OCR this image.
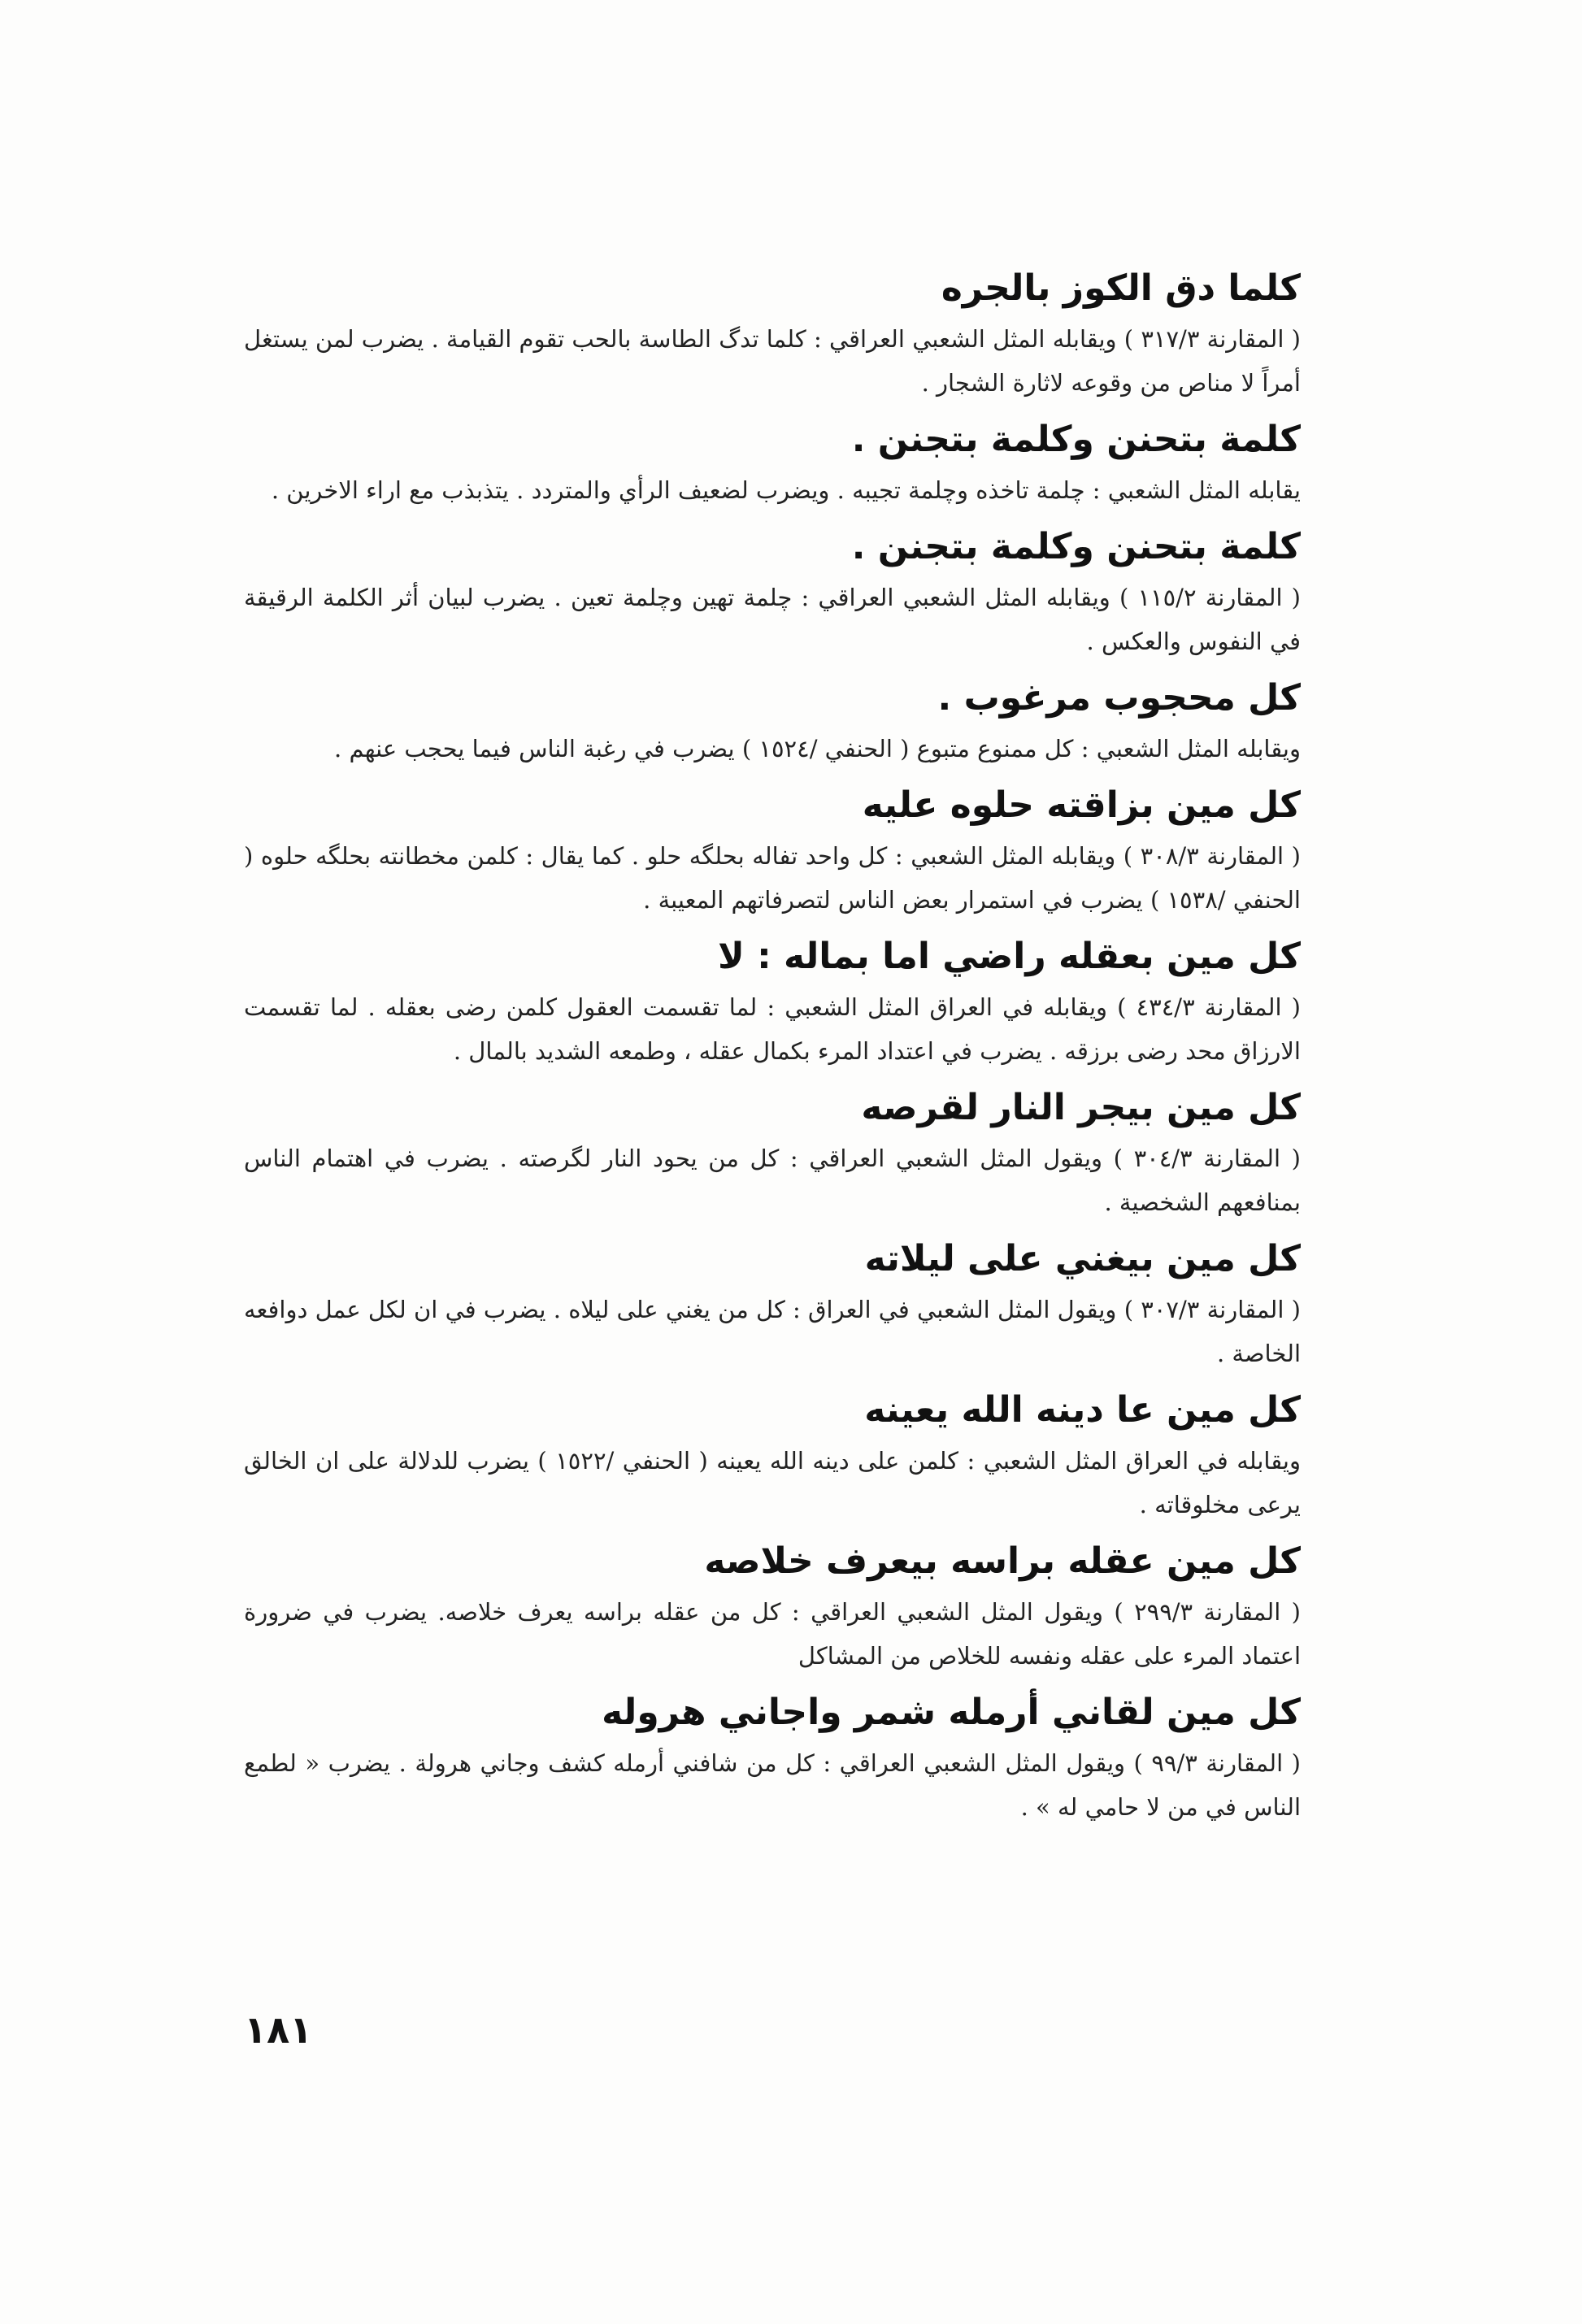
كلما دق الكوز بالجره

( المقارنة ٣١٧/٣ ) ويقابله المثل الشعبي العراقي : كلما تدگ الطاسة بالحب تقوم القيامة . يضرب لمن يستغل أمراً لا مناص من وقوعه لاثارة الشجار .

كلمة بتحنن وكلمة بتجنن .

يقابله المثل الشعبي : چلمة تاخذه وچلمة تجيبه . ويضرب لضعيف الرأي والمتردد . يتذبذب مع اراء الاخرين .

كلمة بتحنن وكلمة بتجنن .

( المقارنة ١١٥/٢ ) ويقابله المثل الشعبي العراقي : چلمة تهين وچلمة تعين . يضرب لبيان أثر الكلمة الرقيقة في النفوس والعكس .

كل محجوب مرغوب .

ويقابله المثل الشعبي : كل ممنوع متبوع ( الحنفي /١٥٢٤ ) يضرب في رغبة الناس فيما يحجب عنهم .

كل مين بزاقته حلوه عليه

( المقارنة ٣٠٨/٣ ) ويقابله المثل الشعبي : كل واحد تفاله بحلگه حلو . كما يقال : كلمن مخطانته بحلگه حلوه ( الحنفي /١٥٣٨ ) يضرب في استمرار بعض الناس لتصرفاتهم المعيبة .

كل مين بعقله راضي اما بماله : لا

( المقارنة ٤٣٤/٣ ) ويقابله في العراق المثل الشعبي : لما تقسمت العقول كلمن رضى بعقله . لما تقسمت الارزاق محد رضى برزقه . يضرب في اعتداد المرء بكمال عقله ، وطمعه الشديد بالمال .

كل مين بيجر النار لقرصه

( المقارنة ٣٠٤/٣ ) ويقول المثل الشعبي العراقي : كل من يحود النار لگرصته . يضرب في اهتمام الناس بمنافعهم الشخصية .

كل مين بيغني على ليلاته

( المقارنة ٣٠٧/٣ ) ويقول المثل الشعبي في العراق : كل من يغني على ليلاه . يضرب في ان لكل عمل دوافعه الخاصة .

كل مين عا دينه الله يعينه

ويقابله في العراق المثل الشعبي : كلمن على دينه الله يعينه ( الحنفي /١٥٢٢ ) يضرب للدلالة على ان الخالق يرعى مخلوقاته .

كل مين عقله براسه بيعرف خلاصه

( المقارنة ٢٩٩/٣ ) ويقول المثل الشعبي العراقي : كل من عقله براسه يعرف خلاصه. يضرب في ضرورة اعتماد المرء على عقله ونفسه للخلاص من المشاكل

كل مين لقاني أرمله شمر واجاني هروله

( المقارنة ٩٩/٣ ) ويقول المثل الشعبي العراقي : كل من شافني أرمله كشف وجاني هرولة . يضرب « لطمع الناس في من لا حامي له » .

١٨١
